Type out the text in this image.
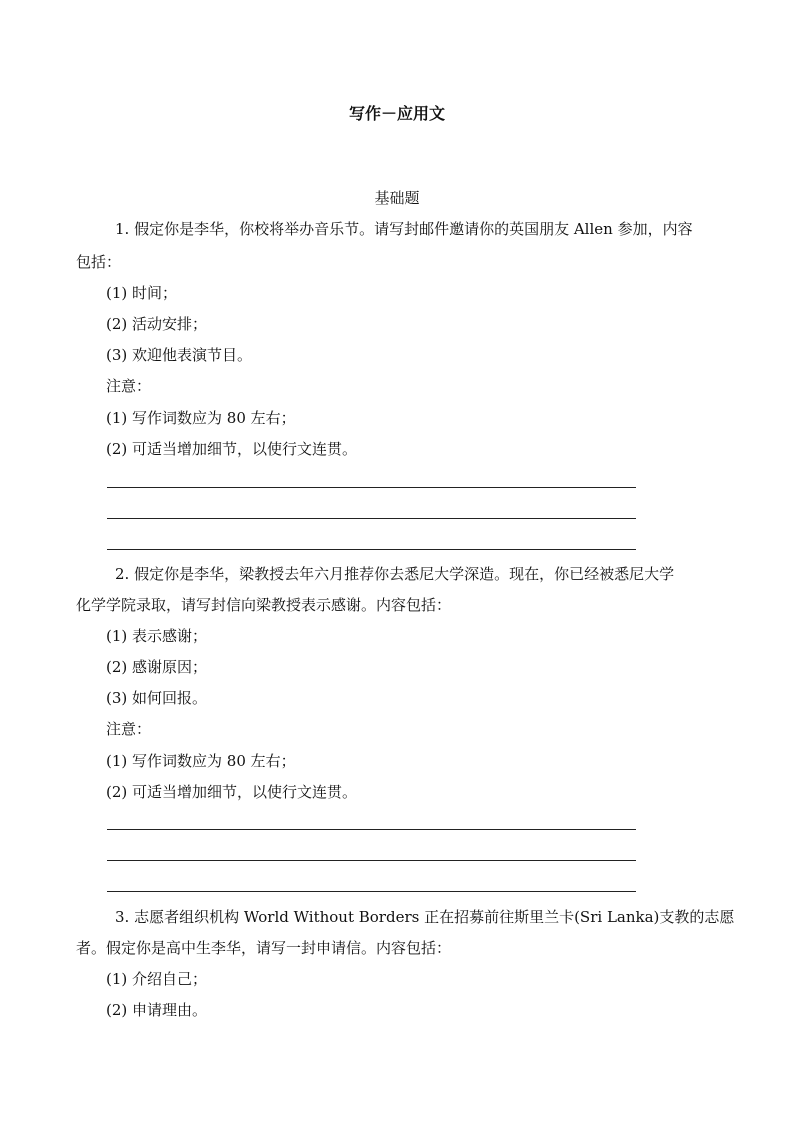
写作－应用文
基础题
1. 假定你是李华，你校将举办音乐节。请写封邮件邀请你的英国朋友 Allen 参加，内容
包括：
(1) 时间；
(2) 活动安排；
(3) 欢迎他表演节目。
注意：
(1) 写作词数应为 80 左右；
(2) 可适当增加细节，以使行文连贯。
2. 假定你是李华，梁教授去年六月推荐你去悉尼大学深造。现在，你已经被悉尼大学
化学学院录取，请写封信向梁教授表示感谢。内容包括：
(1) 表示感谢；
(2) 感谢原因；
(3) 如何回报。
注意：
(1) 写作词数应为 80 左右；
(2) 可适当增加细节，以使行文连贯。
3. 志愿者组织机构 World Without Borders 正在招募前往斯里兰卡(Sri Lanka)支教的志愿
者。假定你是高中生李华，请写一封申请信。内容包括：
(1) 介绍自己；
(2) 申请理由。
